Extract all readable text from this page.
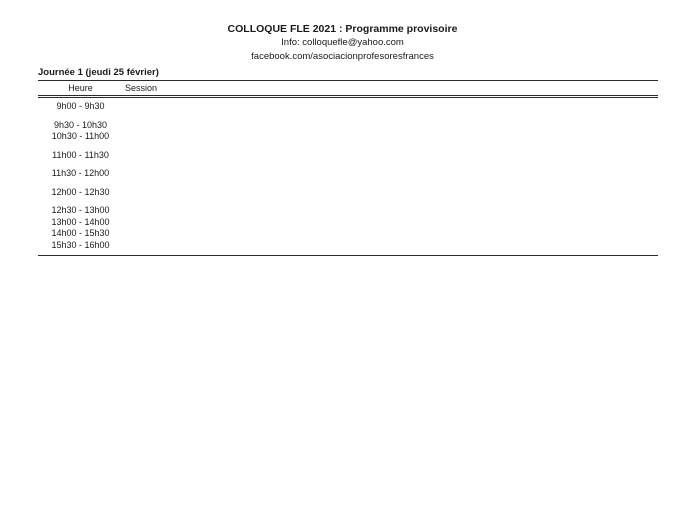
COLLOQUE FLE 2021 : Programme provisoire
Info: colloquefle@yahoo.com
facebook.com/asociacionprofesoresfrances
Journée 1 (jeudi 25 février)
Heure	Session
9h00 - 9h30
9h30 - 10h30
10h30 - 11h00
11h00 - 11h30
11h30 - 12h00
12h00 - 12h30
12h30 - 13h00
13h00 - 14h00
14h00 - 15h30
15h30 - 16h00
